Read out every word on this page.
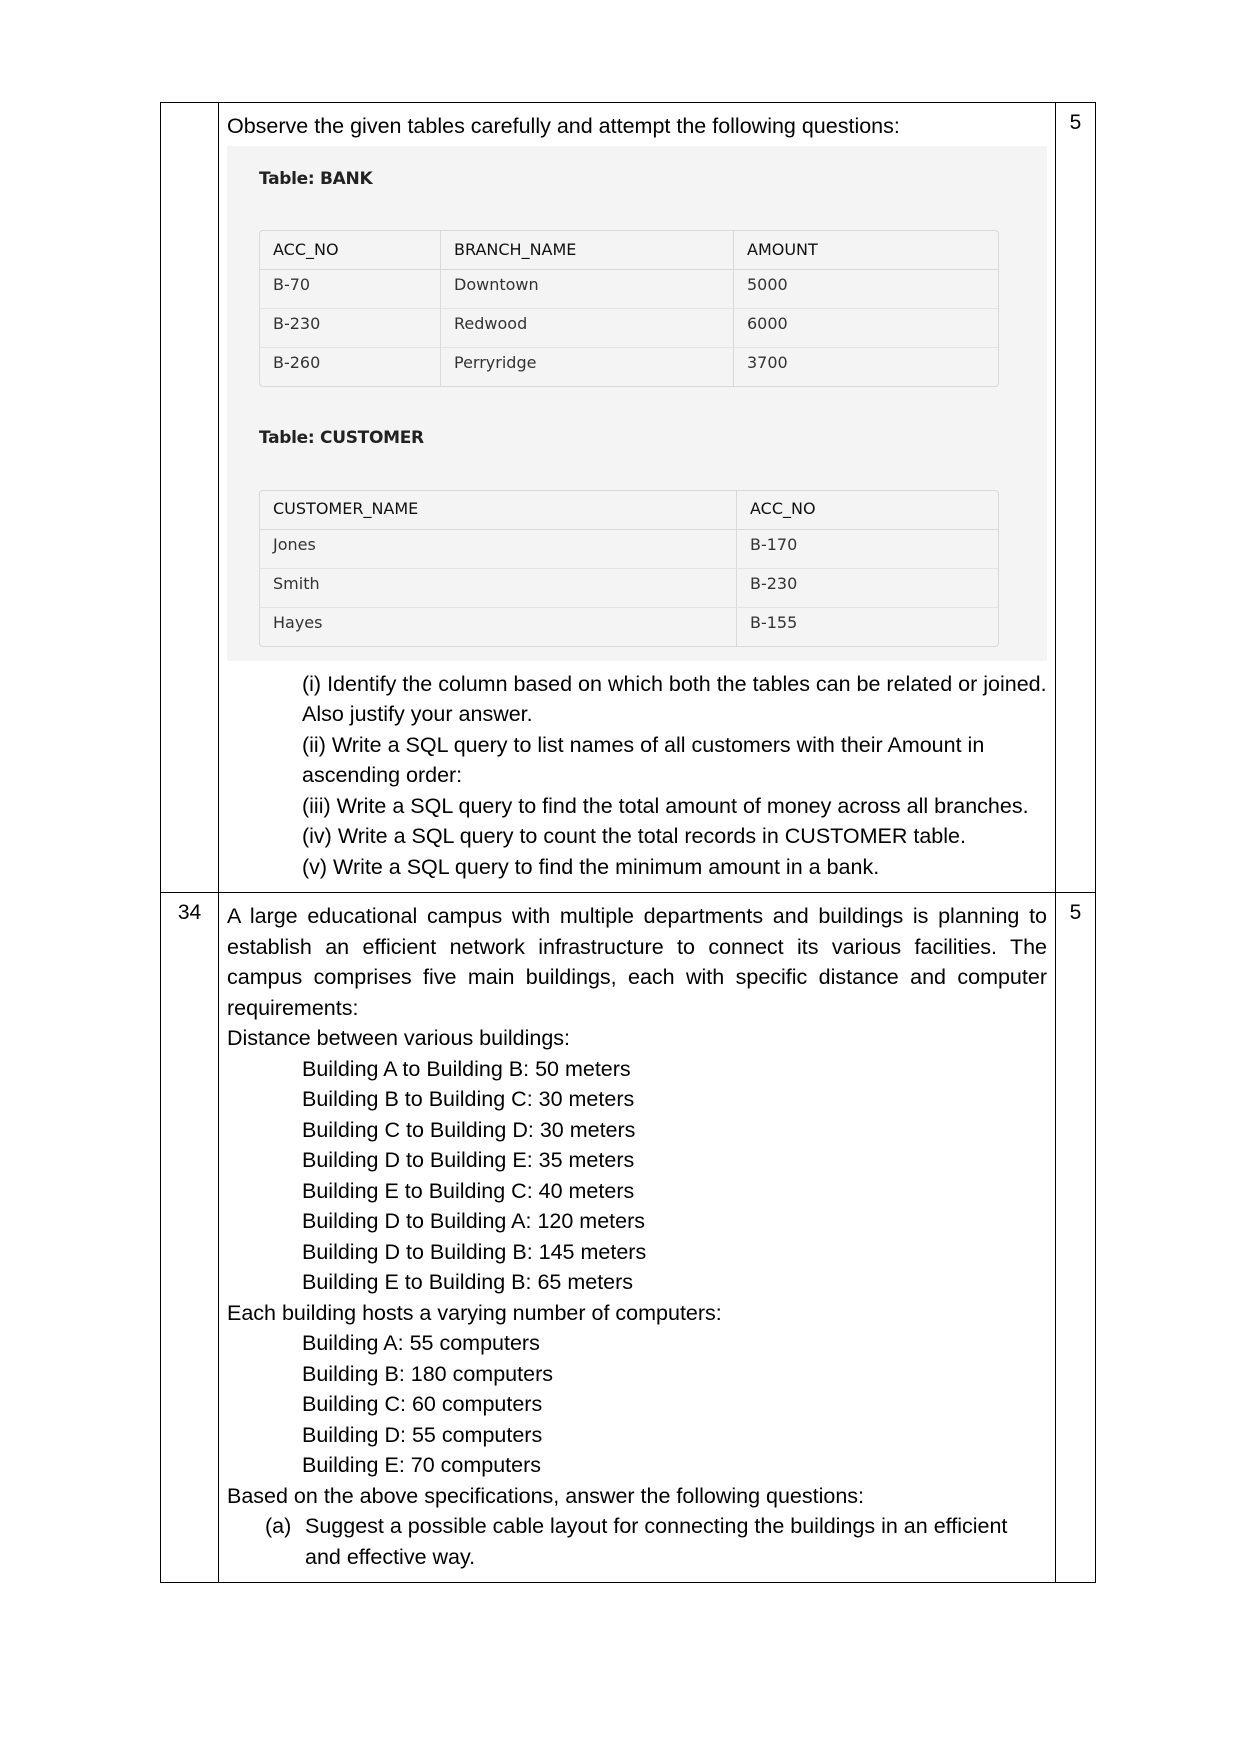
Observe the given tables carefully and attempt the following questions:

Table: BANK
ACC_NO	BRANCH_NAME	AMOUNT
B-70	Downtown	5000
B-230	Redwood	6000
B-260	Perryridge	3700
Table: CUSTOMER
CUSTOMER_NAME	ACC_NO
Jones	B-170
Smith	B-230
Hayes	B-155

(i) Identify the column based on which both the tables can be related or joined. Also justify your answer.

(ii) Write a SQL query to list names of all customers with their Amount in ascending order:

(iii) Write a SQL query to find the total amount of money across all branches.

(iv) Write a SQL query to count the total records in CUSTOMER table.

(v) Write a SQL query to find the minimum amount in a bank.

	5
34	A large educational campus with multiple departments and buildings is planning to establish an efficient network infrastructure to connect its various facilities. The campus comprises five main buildings, each with specific distance and computer requirements:

Distance between various buildings:

Building A to Building B: 50 meters

Building B to Building C: 30 meters

Building C to Building D: 30 meters

Building D to Building E: 35 meters

Building E to Building C: 40 meters

Building D to Building A: 120 meters

Building D to Building B: 145 meters

Building E to Building B: 65 meters

Each building hosts a varying number of computers:

Building A: 55 computers

Building B: 180 computers

Building C: 60 computers

Building D: 55 computers

Building E: 70 computers

Based on the above specifications, answer the following questions:

(a) Suggest a possible cable layout for connecting the buildings in an efficient and effective way.
	5
